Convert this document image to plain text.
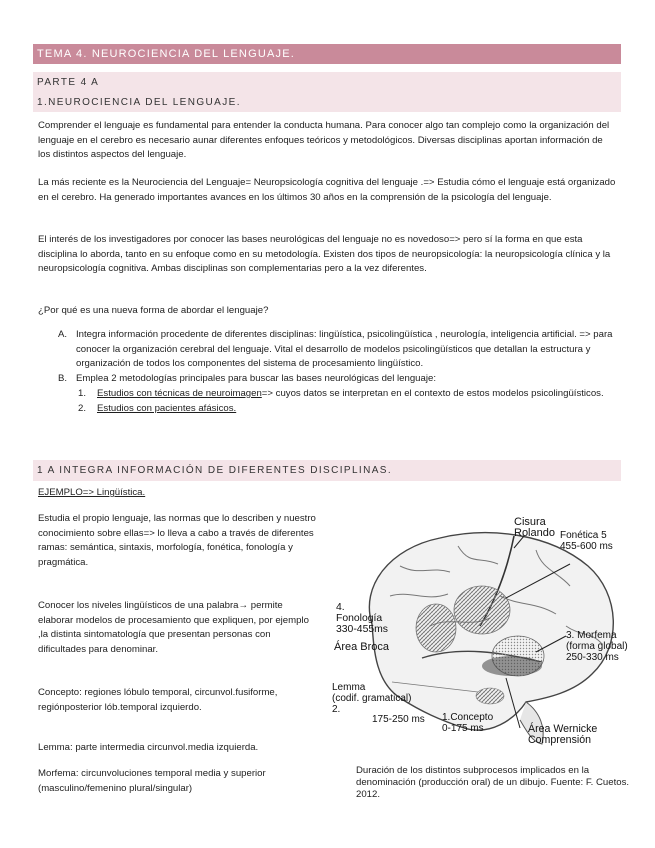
TEMA 4. NEUROCIENCIA DEL LENGUAJE.
PARTE 4 A
1.NEUROCIENCIA DEL LENGUAJE.
Comprender el lenguaje es fundamental para entender la conducta humana. Para conocer algo tan complejo como la organización del lenguaje en el cerebro es necesario aunar diferentes enfoques teóricos y metodológicos. Diversas disciplinas aportan información de los distintos aspectos del lenguaje.
La más reciente es la Neurociencia del Lenguaje= Neuropsicología cognitiva del lenguaje .=> Estudia cómo el lenguaje está organizado en el cerebro. Ha generado importantes avances en los últimos 30 años en la comprensión de la psicología del lenguaje.
El interés de los investigadores por conocer las bases neurológicas del lenguaje no es novedoso=> pero sí la forma en que esta disciplina lo aborda, tanto en su enfoque como en su metodología. Existen dos tipos de neuropsicología: la neuropsicología clínica y la neuropsicología cognitiva. Ambas disciplinas son complementarias pero a la vez diferentes.
¿Por qué es una nueva forma de abordar el lenguaje?
A. Integra información procedente de diferentes disciplinas: lingüística, psicolingüística , neurología, inteligencia artificial. => para conocer la organización cerebral del lenguaje. Vital el desarrollo de modelos psicolingüísticos que detallan la estructura y organización de todos los componentes del sistema de procesamiento lingüístico.
B. Emplea 2 metodologías principales para buscar las bases neurológicas del lenguaje:
1. Estudios con técnicas de neuroimagen=> cuyos datos se interpretan en el contexto de estos modelos psicolingüísticos.
2. Estudios con pacientes afásicos.
1 A INTEGRA INFORMACIÓN DE DIFERENTES DISCIPLINAS.
EJEMPLO=> Lingüística.
Estudia el propio lenguaje, las normas que lo describen y nuestro conocimiento sobre ellas=> lo lleva a cabo a través de diferentes ramas: semántica, sintaxis, morfología, fonética, fonología y pragmática.
Conocer los niveles lingüísticos de una palabra→ permite elaborar modelos de procesamiento que expliquen, por ejemplo ,la distinta sintomatología que presentan personas con dificultades para denominar.
Concepto: regiones lóbulo temporal, circunvol.fusiforme, regiónposterior lób.temporal izquierdo.
Lemma: parte intermedia circunvol.media izquierda.
Morfema: circunvoluciones temporal media y superior (masculino/femenino plural/singular)
Cisura
Rolando Fonética 5
455-600 ms
4.
Fonología
330-455ms
Área Broca
3. Morfema
(forma global)
250-330 ms
Lemma
(codif. gramatical)
2.
175-250 ms 1.Concepto
0-175 ms	Área Wernicke
Comprensión
Duración de los distintos subprocesos implicados en la denominación (producción oral) de un dibujo. Fuente: F. Cuetos. 2012.
